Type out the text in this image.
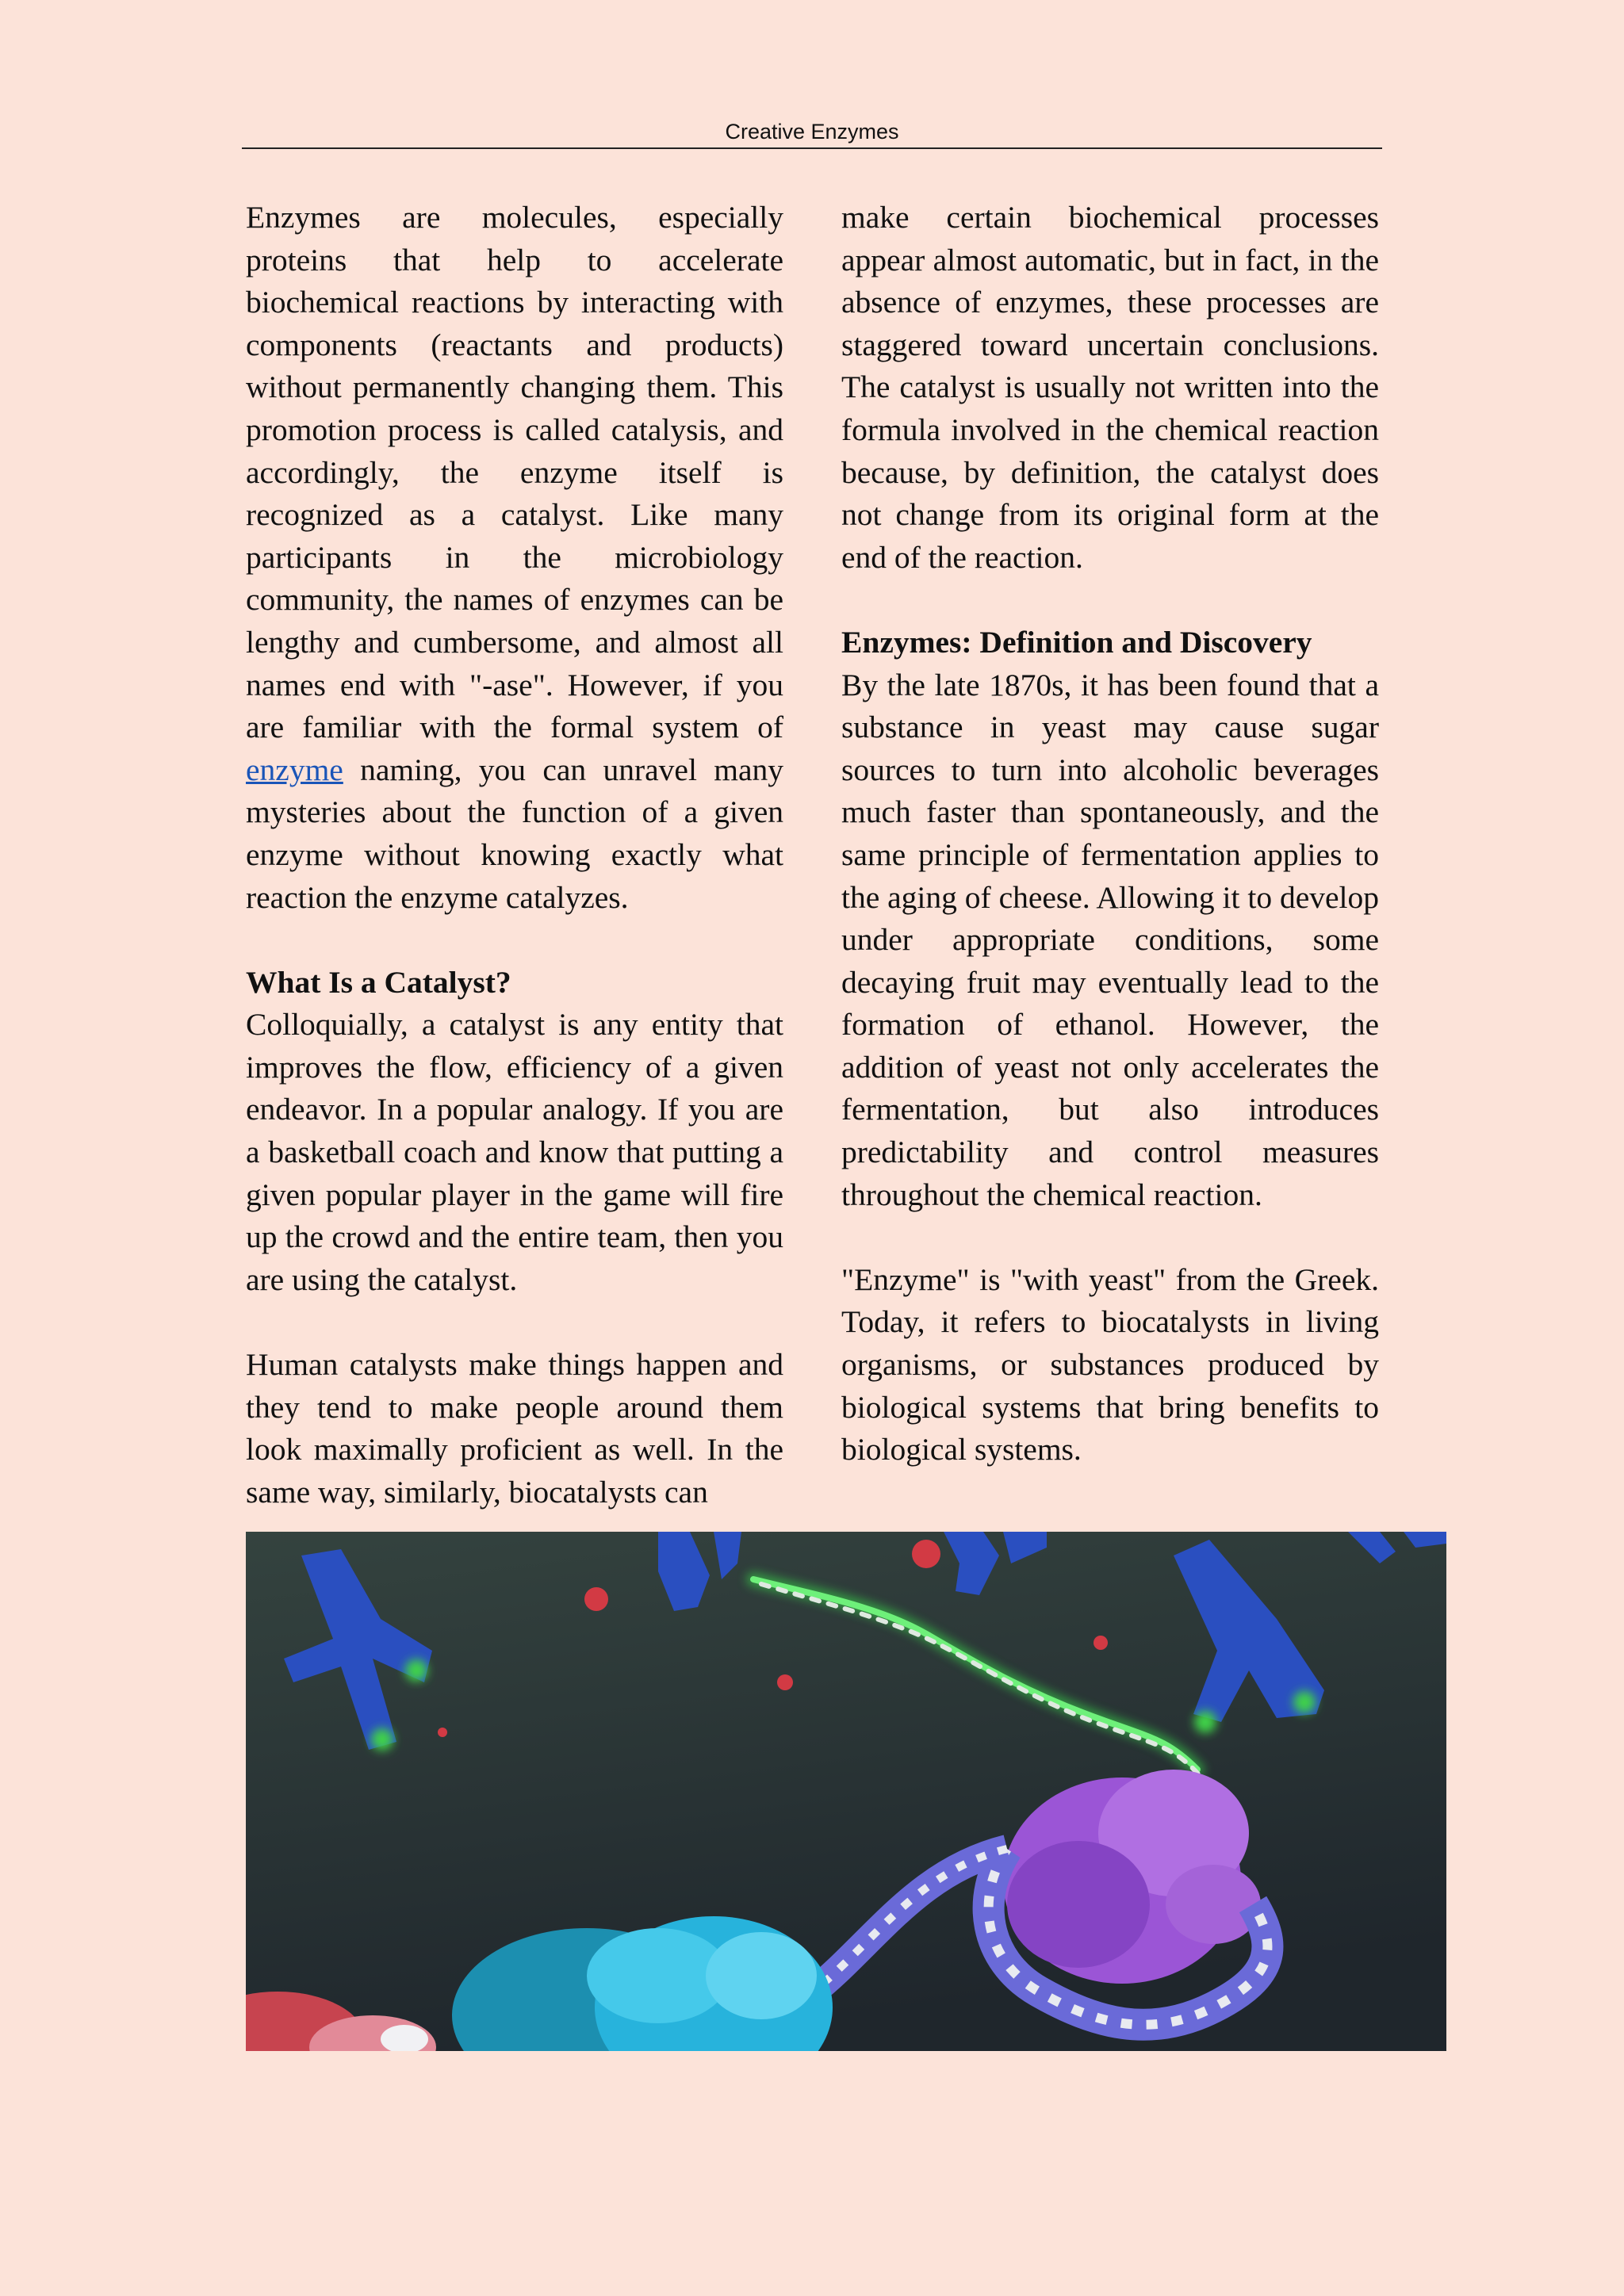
Creative Enzymes

Enzymes are molecules, especially proteins that help to accelerate biochemical reactions by interacting with components (reactants and products) without permanently changing them. This promotion process is called catalysis, and accordingly, the enzyme itself is recognized as a catalyst. Like many participants in the microbiology community, the names of enzymes can be lengthy and cumbersome, and almost all names end with "-ase". However, if you are familiar with the formal system of enzyme naming, you can unravel many mysteries about the function of a given enzyme without knowing exactly what reaction the enzyme catalyzes.

What Is a Catalyst?

Colloquially, a catalyst is any entity that improves the flow, efficiency of a given endeavor. In a popular analogy. If you are a basketball coach and know that putting a given popular player in the game will fire up the crowd and the entire team, then you are using the catalyst.

Human catalysts make things happen and they tend to make people around them look maximally proficient as well. In the same way, similarly, biocatalysts can

make certain biochemical processes appear almost automatic, but in fact, in the absence of enzymes, these processes are staggered toward uncertain conclusions. The catalyst is usually not written into the formula involved in the chemical reaction because, by definition, the catalyst does not change from its original form at the end of the reaction.

Enzymes: Definition and Discovery

By the late 1870s, it has been found that a substance in yeast may cause sugar sources to turn into alcoholic beverages much faster than spontaneously, and the same principle of fermentation applies to the aging of cheese. Allowing it to develop under appropriate conditions, some decaying fruit may eventually lead to the formation of ethanol. However, the addition of yeast not only accelerates the fermentation, but also introduces predictability and control measures throughout the chemical reaction.

"Enzyme" is "with yeast" from the Greek. Today, it refers to biocatalysts in living organisms, or substances produced by biological systems that bring benefits to biological systems.
